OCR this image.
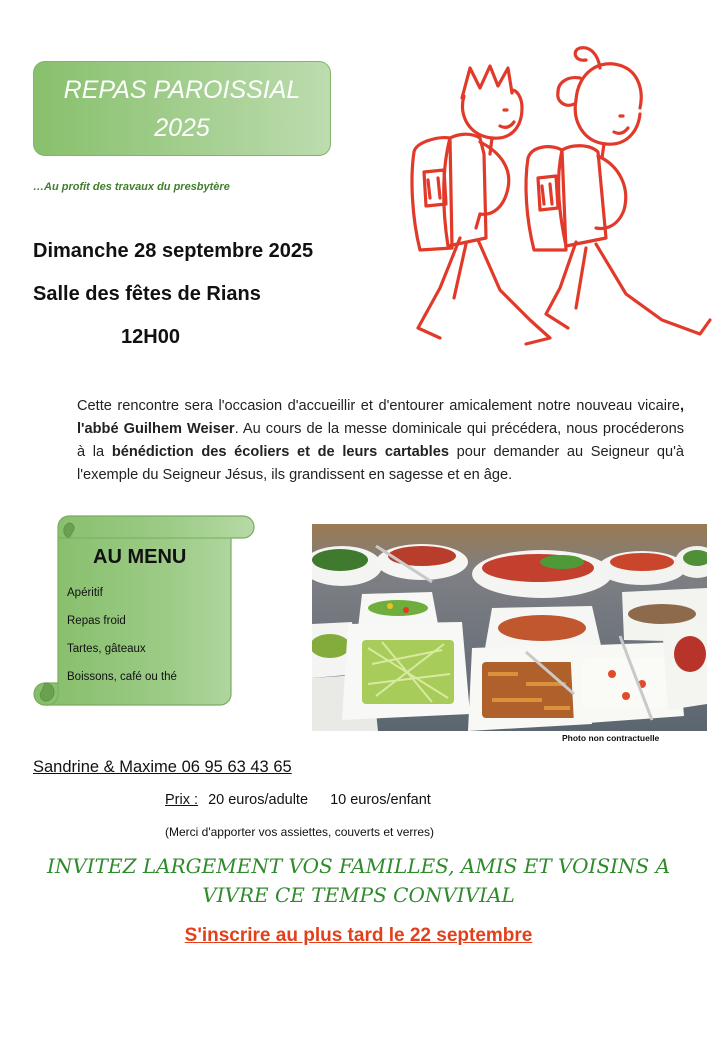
REPAS PAROISSIAL
2025
…Au profit des travaux du presbytère
Dimanche 28 septembre 2025
Salle des fêtes de Rians
12H00

Cette rencontre sera l'occasion d'accueillir et d'entourer amicalement notre nouveau vicaire, l'abbé Guilhem Weiser. Au cours de la messe dominicale qui précédera, nous procéderons à la bénédiction des écoliers et de leurs cartables pour demander au Seigneur qu'à l'exemple du Seigneur Jésus, ils grandissent en sagesse et en âge.

AU MENU
Apéritif
Repas froid
Tartes, gâteaux
Boissons, café ou thé
Photo non contractuelle
Sandrine & Maxime 06 95 63 43 65
Prix : 20 euros/adulte 10 euros/enfant
(Merci d'apporter vos assiettes, couverts et verres)
INVITEZ LARGEMENT VOS FAMILLES, AMIS ET VOISINS A
VIVRE CE TEMPS CONVIVIAL
S'inscrire au plus tard le 22 septembre
